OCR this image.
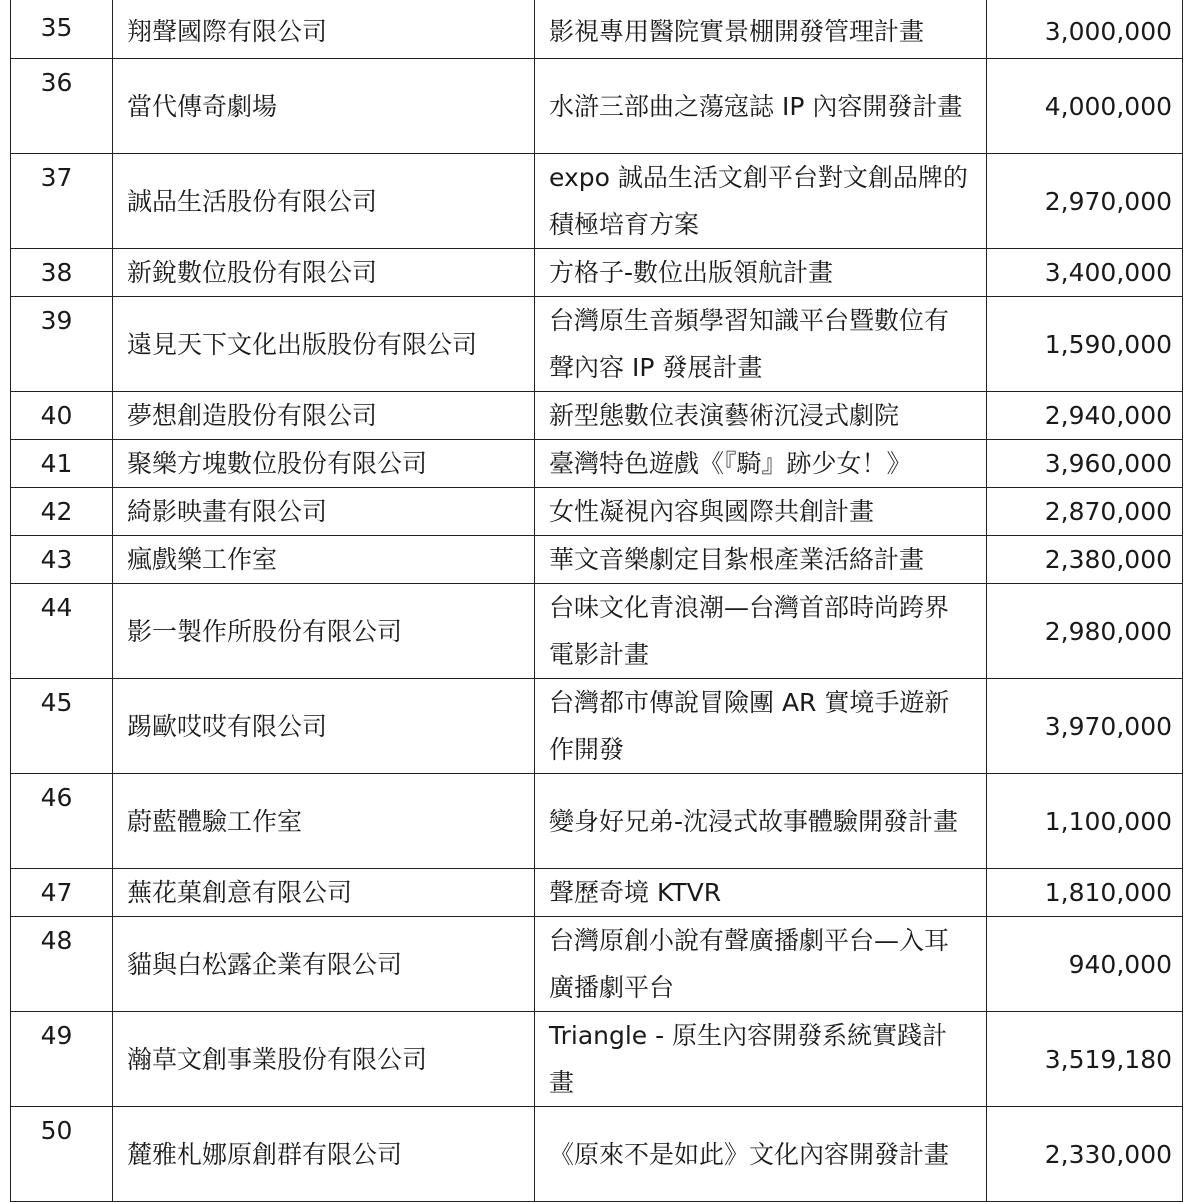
35	翔聲國際有限公司	影視專用醫院實景棚開發管理計畫	3,000,000
36	當代傳奇劇場	水滸三部曲之蕩寇誌 IP 內容開發計畫	4,000,000
37	誠品生活股份有限公司	expo 誠品生活文創平台對文創品牌的積極培育方案	2,970,000
38	新銳數位股份有限公司	方格子-數位出版領航計畫	3,400,000
39	遠見天下文化出版股份有限公司	台灣原生音頻學習知識平台暨數位有聲內容 IP 發展計畫	1,590,000
40	夢想創造股份有限公司	新型態數位表演藝術沉浸式劇院	2,940,000
41	聚樂方塊數位股份有限公司	臺灣特色遊戲《『騎』跡少女！》	3,960,000
42	綺影映畫有限公司	女性凝視內容與國際共創計畫	2,870,000
43	瘋戲樂工作室	華文音樂劇定目紮根產業活絡計畫	2,380,000
44	影一製作所股份有限公司	台味文化青浪潮—台灣首部時尚跨界電影計畫	2,980,000
45	踢歐哎哎有限公司	台灣都市傳說冒險團 AR 實境手遊新作開發	3,970,000
46	蔚藍體驗工作室	變身好兄弟-沈浸式故事體驗開發計畫	1,100,000
47	蕪花菓創意有限公司	聲歷奇境 KTVR	1,810,000
48	貓與白松露企業有限公司	台灣原創小說有聲廣播劇平台—入耳廣播劇平台	940,000
49	瀚草文創事業股份有限公司	Triangle - 原生內容開發系統實踐計畫	3,519,180
50	麓雅札娜原創群有限公司	《原來不是如此》文化內容開發計畫	2,330,000
